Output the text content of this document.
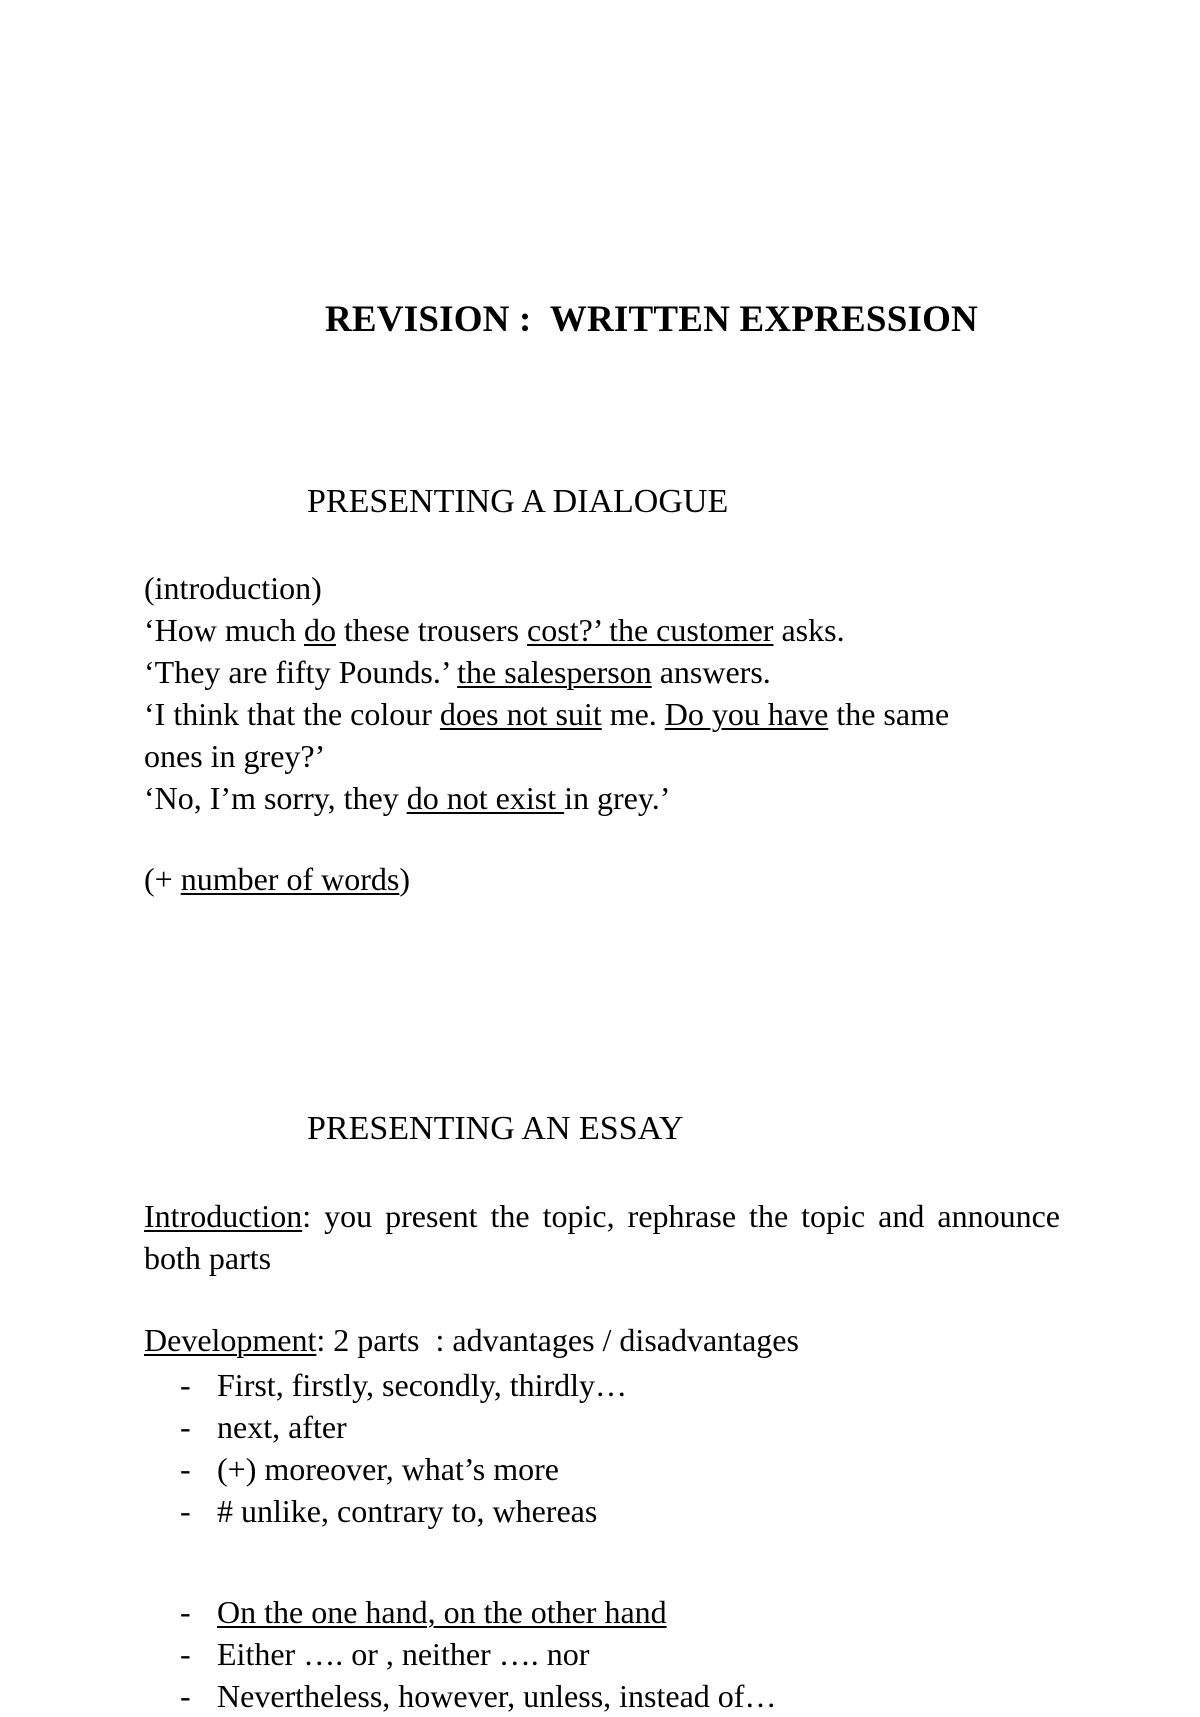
REVISION :  WRITTEN EXPRESSION
PRESENTING A DIALOGUE
(introduction)
‘How much do these trousers cost?’ the customer asks.
‘They are fifty Pounds.’ the salesperson answers.
‘I think that the colour does not suit me. Do you have the same
ones in grey?’
‘No, I’m sorry, they do not exist in grey.’
(+ number of words)
PRESENTING AN ESSAY
Introduction: you present the topic, rephrase the topic and announce both parts
Development: 2 parts  : advantages / disadvantages
- First, firstly, secondly, thirdly…
- next, after
- (+) moreover, what’s more
- # unlike, contrary to, whereas
- On the one hand, on the other hand
- Either …. or , neither …. nor
- Nevertheless, however, unless, instead of…
